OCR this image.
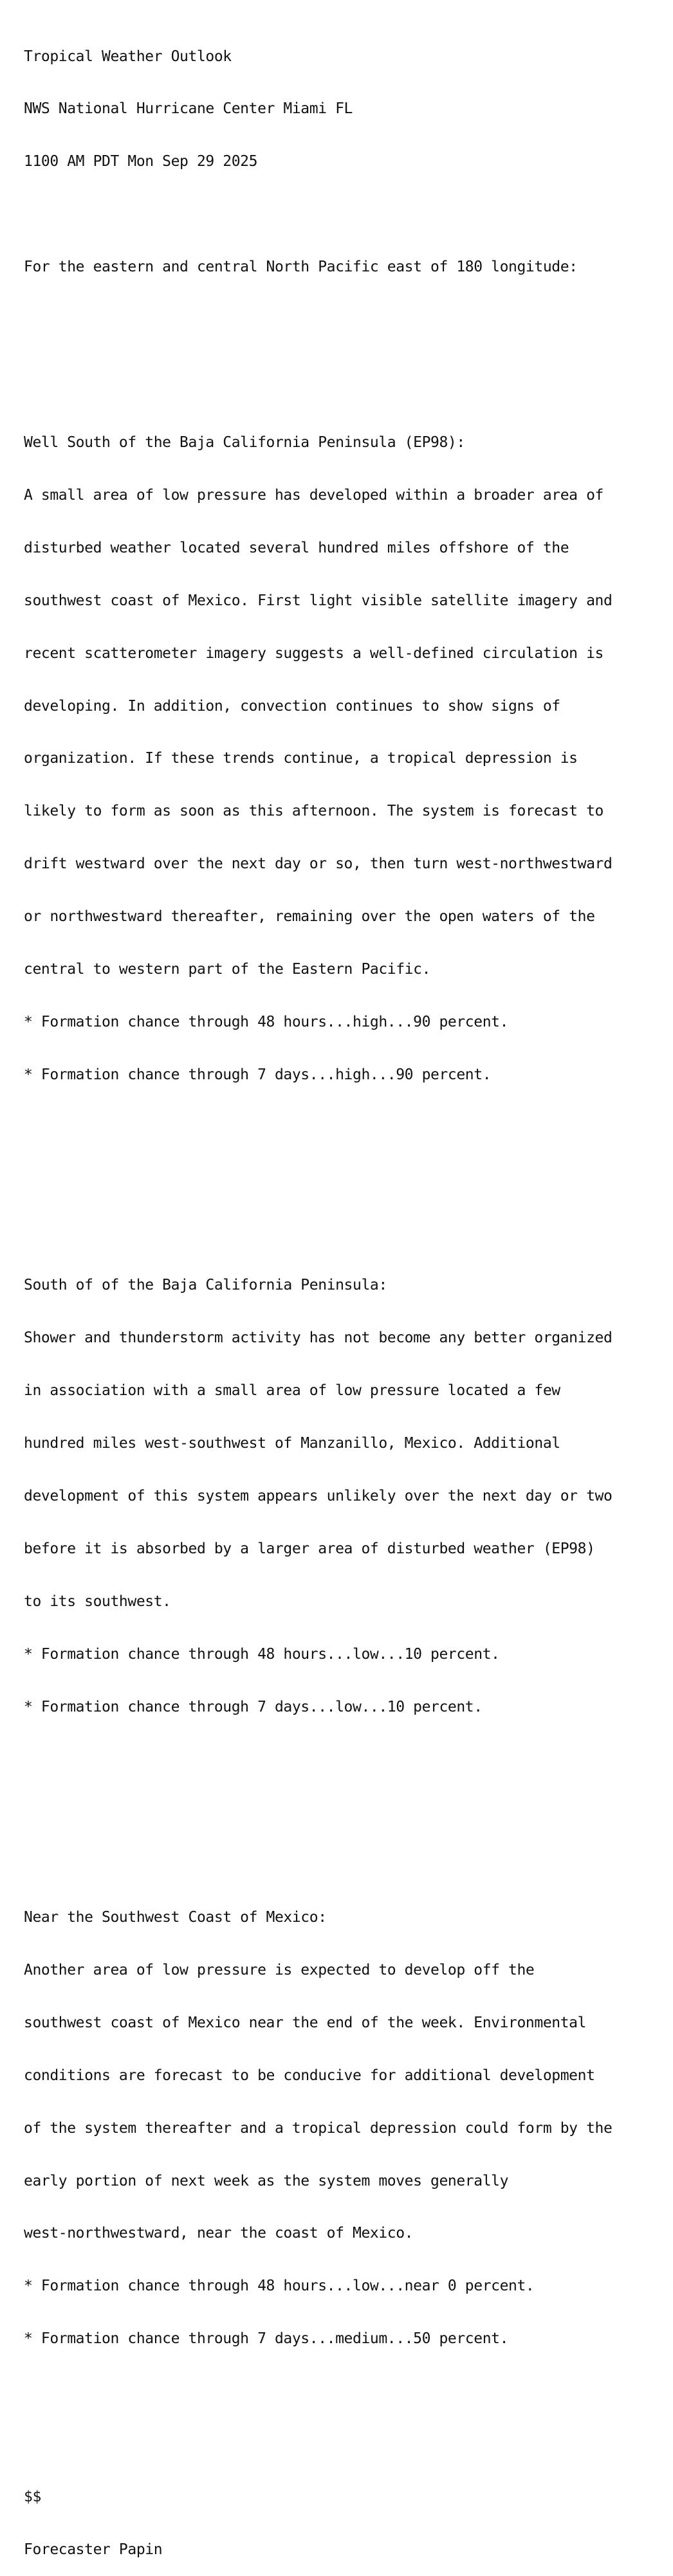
Tropical Weather Outlook

NWS National Hurricane Center Miami FL

1100 AM PDT Mon Sep 29 2025

For the eastern and central North Pacific east of 180 longitude:

Well South of the Baja California Peninsula (EP98):

A small area of low pressure has developed within a broader area of

disturbed weather located several hundred miles offshore of the

southwest coast of Mexico. First light visible satellite imagery and

recent scatterometer imagery suggests a well-defined circulation is

developing. In addition, convection continues to show signs of

organization. If these trends continue, a tropical depression is

likely to form as soon as this afternoon. The system is forecast to

drift westward over the next day or so, then turn west-northwestward

or northwestward thereafter, remaining over the open waters of the

central to western part of the Eastern Pacific.

* Formation chance through 48 hours...high...90 percent.

* Formation chance through 7 days...high...90 percent.

South of of the Baja California Peninsula:

Shower and thunderstorm activity has not become any better organized

in association with a small area of low pressure located a few

hundred miles west-southwest of Manzanillo, Mexico. Additional

development of this system appears unlikely over the next day or two

before it is absorbed by a larger area of disturbed weather (EP98)

to its southwest.

* Formation chance through 48 hours...low...10 percent.

* Formation chance through 7 days...low...10 percent.

Near the Southwest Coast of Mexico:

Another area of low pressure is expected to develop off the

southwest coast of Mexico near the end of the week. Environmental

conditions are forecast to be conducive for additional development

of the system thereafter and a tropical depression could form by the

early portion of next week as the system moves generally

west-northwestward, near the coast of Mexico.

* Formation chance through 48 hours...low...near 0 percent.

* Formation chance through 7 days...medium...50 percent.

$$

Forecaster Papin
